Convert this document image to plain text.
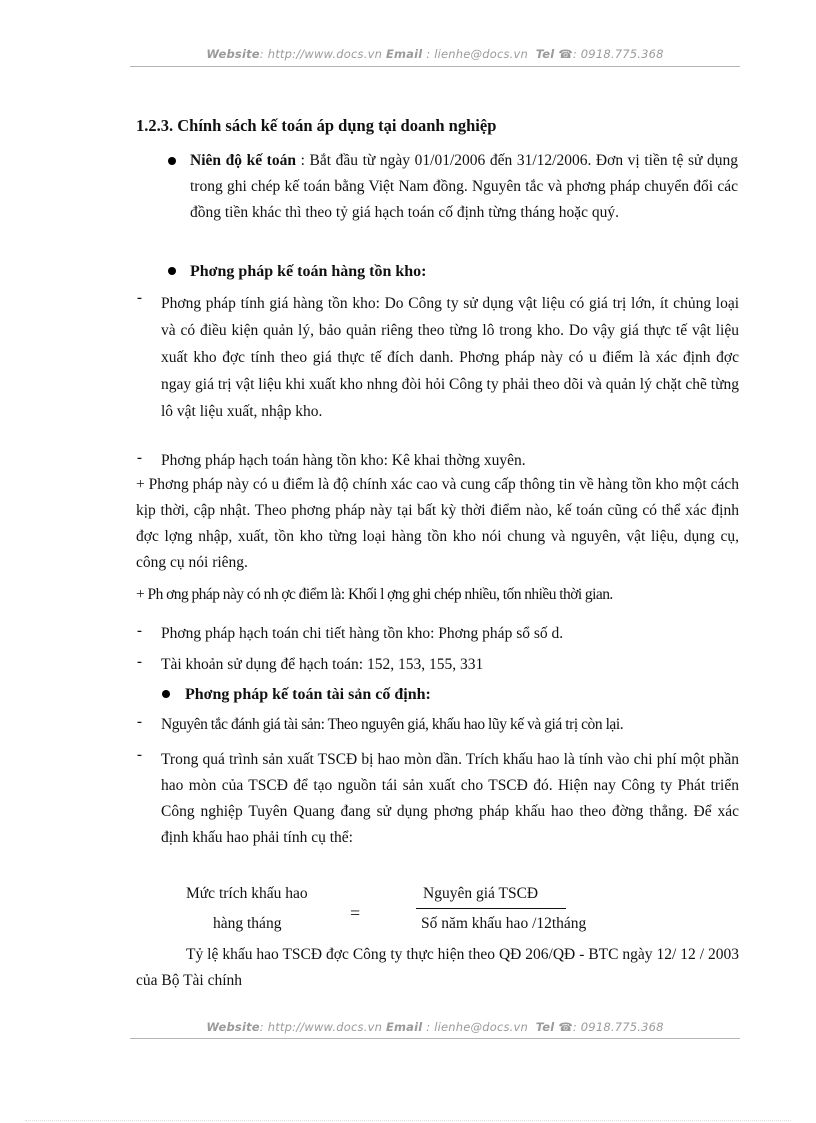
Website: http://www.docs.vn Email : lienhe@docs.vn Tel ☎: 0918.775.368
1.2.3. Chính sách kế toán áp dụng tại doanh nghiệp
Niên độ kế toán : Bắt đầu từ ngày 01/01/2006 đến 31/12/2006. Đơn vị tiền tệ sử dụng trong ghi chép kế toán bằng Việt Nam đồng. Nguyên tắc và phơng pháp chuyển đổi các đồng tiền khác thì theo tỷ giá hạch toán cố định từng tháng hoặc quý.
Phơng pháp kế toán hàng tồn kho:
- Phơng pháp tính giá hàng tồn kho: Do Công ty sử dụng vật liệu có giá trị lớn, ít chủng loại và có điều kiện quản lý, bảo quản riêng theo từng lô trong kho. Do vậy giá thực tế vật liệu xuất kho đợc tính theo giá thực tế đích danh. Phơng pháp này có u điểm là xác định đợc ngay giá trị vật liệu khi xuất kho nhng đòi hỏi Công ty phải theo dõi và quản lý chặt chẽ từng lô vật liệu xuất, nhập kho.
- Phơng pháp hạch toán hàng tồn kho: Kê khai thờng xuyên.
+ Phơng pháp này có u điểm là độ chính xác cao và cung cấp thông tin về hàng tồn kho một cách kịp thời, cập nhật. Theo phơng pháp này tại bất kỳ thời điểm nào, kế toán cũng có thể xác định đợc lợng nhập, xuất, tồn kho từng loại hàng tồn kho nói chung và nguyên, vật liệu, dụng cụ, công cụ nói riêng.
+ Ph ơng pháp này có nh ợc điểm là: Khối l ợng ghi chép nhiều, tốn nhiều thời gian.
- Phơng pháp hạch toán chi tiết hàng tồn kho: Phơng pháp sổ số d.
- Tài khoản sử dụng để hạch toán: 152, 153, 155, 331
Phơng pháp kế toán tài sản cố định:
- Nguyên tắc đánh giá tài sản: Theo nguyên giá, khấu hao lũy kế và giá trị còn lại.
- Trong quá trình sản xuất TSCĐ bị hao mòn dần. Trích khấu hao là tính vào chi phí một phần hao mòn của TSCĐ để tạo nguồn tái sản xuất cho TSCĐ đó. Hiện nay Công ty Phát triển Công nghiệp Tuyên Quang đang sử dụng phơng pháp khấu hao theo đờng thẳng. Để xác định khấu hao phải tính cụ thể:
Mức trích khấu hao
hàng tháng
=
Nguyên giá TSCĐ
Số năm khấu hao /12tháng
Tỷ lệ khấu hao TSCĐ đợc Công ty thực hiện theo QĐ 206/QĐ - BTC ngày 12/ 12 / 2003 của Bộ Tài chính
Website: http://www.docs.vn Email : lienhe@docs.vn Tel ☎: 0918.775.368
